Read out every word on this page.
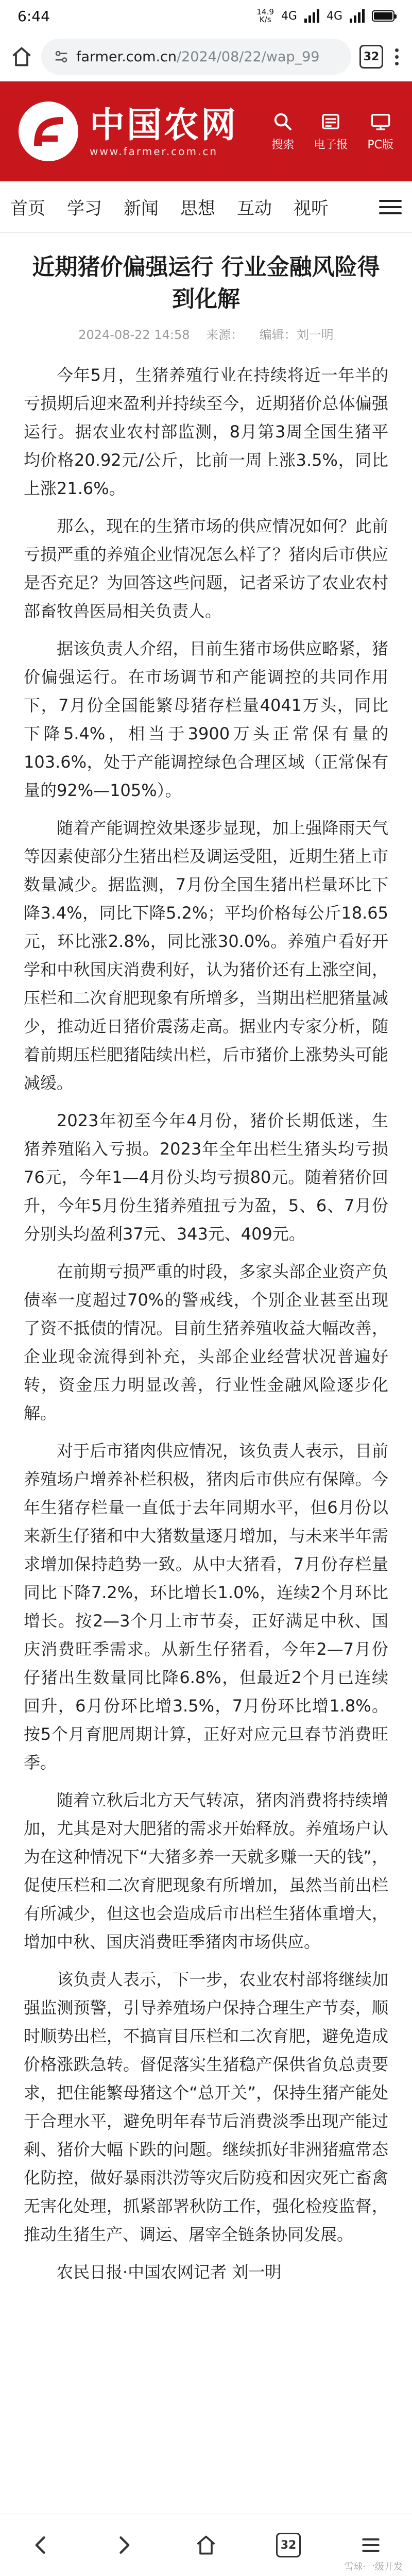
6:44	14.9
K/s 4G	4G
farmer.com.cn/2024/08/22/wap_99	32
中国农网
www.farmer.com.cn
搜索 电子报 PC版
首页 学习 新闻 思想 互动 视听
近期猪价偏强运行 行业金融风险得到化解
2024-08-22 14:58 来源： 编辑：刘一明

今年5月，生猪养殖行业在持续将近一年半的亏损期后迎来盈利并持续至今，近期猪价总体偏强运行。据农业农村部监测，8月第3周全国生猪平均价格20.92元/公斤，比前一周上涨3.5%，同比上涨21.6%。

那么，现在的生猪市场的供应情况如何？此前亏损严重的养殖企业情况怎么样了？猪肉后市供应是否充足？为回答这些问题，记者采访了农业农村部畜牧兽医局相关负责人。

据该负责人介绍，目前生猪市场供应略紧，猪价偏强运行。在市场调节和产能调控的共同作用下，7月份全国能繁母猪存栏量4041万头，同比下降5.4%，相当于3900万头正常保有量的103.6%，处于产能调控绿色合理区域（正常保有量的92%—105%）。

随着产能调控效果逐步显现，加上强降雨天气等因素使部分生猪出栏及调运受阻，近期生猪上市数量减少。据监测，7月份全国生猪出栏量环比下降3.4%，同比下降5.2%；平均价格每公斤18.65元，环比涨2.8%，同比涨30.0%。养殖户看好开学和中秋国庆消费利好，认为猪价还有上涨空间，压栏和二次育肥现象有所增多，当期出栏肥猪量减少，推动近日猪价震荡走高。据业内专家分析，随着前期压栏肥猪陆续出栏，后市猪价上涨势头可能减缓。

2023年初至今年4月份，猪价长期低迷，生猪养殖陷入亏损。2023年全年出栏生猪头均亏损76元，今年1—4月份头均亏损80元。随着猪价回升，今年5月份生猪养殖扭亏为盈，5、6、7月份分别头均盈利37元、343元、409元。

在前期亏损严重的时段，多家头部企业资产负债率一度超过70%的警戒线，个别企业甚至出现了资不抵债的情况。目前生猪养殖收益大幅改善，企业现金流得到补充，头部企业经营状况普遍好转，资金压力明显改善，行业性金融风险逐步化解。

对于后市猪肉供应情况，该负责人表示，目前养殖场户增养补栏积极，猪肉后市供应有保障。今年生猪存栏量一直低于去年同期水平，但6月份以来新生仔猪和中大猪数量逐月增加，与未来半年需求增加保持趋势一致。从中大猪看，7月份存栏量同比下降7.2%，环比增长1.0%，连续2个月环比增长。按2—3个月上市节奏，正好满足中秋、国庆消费旺季需求。从新生仔猪看，今年2—7月份仔猪出生数量同比降6.8%，但最近2个月已连续回升，6月份环比增3.5%，7月份环比增1.8%。按5个月育肥周期计算，正好对应元旦春节消费旺季。

随着立秋后北方天气转凉，猪肉消费将持续增加，尤其是对大肥猪的需求开始释放。养殖场户认为在这种情况下“大猪多养一天就多赚一天的钱”，促使压栏和二次育肥现象有所增加，虽然当前出栏有所减少，但这也会造成后市出栏生猪体重增大，增加中秋、国庆消费旺季猪肉市场供应。

该负责人表示，下一步，农业农村部将继续加强监测预警，引导养殖场户保持合理生产节奏，顺时顺势出栏，不搞盲目压栏和二次育肥，避免造成价格涨跌急转。督促落实生猪稳产保供省负总责要求，把住能繁母猪这个“总开关”，保持生猪产能处于合理水平，避免明年春节后消费淡季出现产能过剩、猪价大幅下跌的问题。继续抓好非洲猪瘟常态化防控，做好暴雨洪涝等灾后防疫和因灾死亡畜禽无害化处理，抓紧部署秋防工作，强化检疫监督，推动生猪生产、调运、屠宰全链条协同发展。

农民日报·中国农网记者 刘一明

32
雪球·一级开发
